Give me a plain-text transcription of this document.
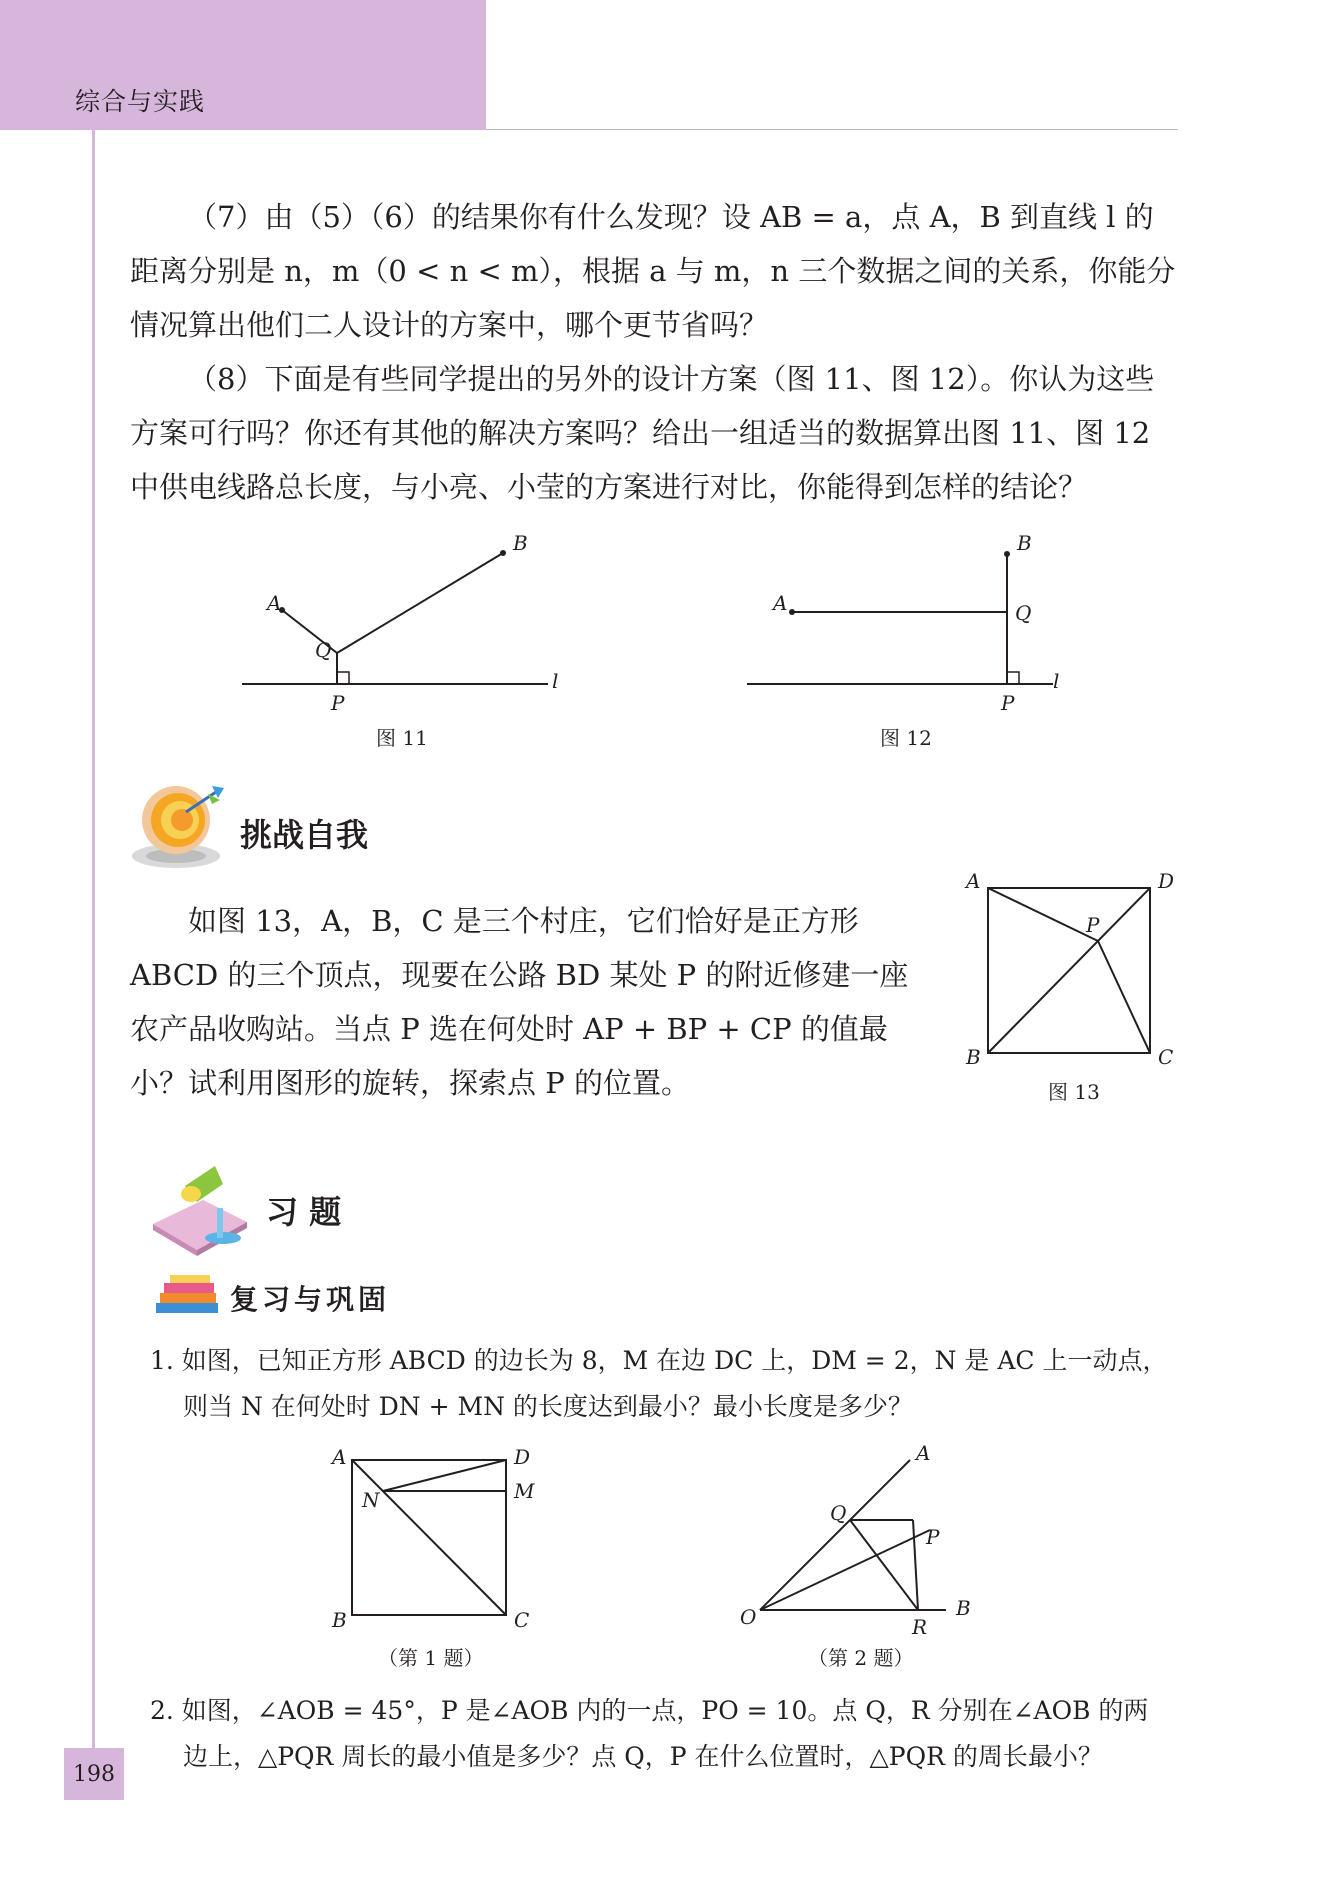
综合与实践

（7）由（5）（6）的结果你有什么发现？设 AB = a，点 A，B 到直线 l 的距离分别是 n，m（0 < n < m），根据 a 与 m，n 三个数据之间的关系，你能分情况算出他们二人设计的方案中，哪个更节省吗？

（8）下面是有些同学提出的另外的设计方案（图 11、图 12）。你认为这些方案可行吗？你还有其他的解决方案吗？给出一组适当的数据算出图 11、图 12 中供电线路总长度，与小亮、小莹的方案进行对比，你能得到怎样的结论？

A
B
Q
P
l
图 11
A
B
Q
P
l
图 12
挑战自我

如图 13，A，B，C 是三个村庄，它们恰好是正方形 ABCD 的三个顶点，现要在公路 BD 某处 P 的附近修建一座农产品收购站。当点 P 选在何处时 AP + BP + CP 的值最小？试利用图形的旋转，探索点 P 的位置。

A	D
P
B	C
图 13
习 题
复习与巩固

1. 如图，已知正方形 ABCD 的边长为 8，M 在边 DC 上，DM = 2，N 是 AC 上一动点，则当 N 在何处时 DN + MN 的长度达到最小？最小长度是多少？

A	D
M
N
B	C
（第 1 题）
A
Q
P
O	R
B
（第 2 题）

2. 如图，∠AOB = 45°，P 是∠AOB 内的一点，PO = 10。点 Q，R 分别在∠AOB 的两边上，△PQR 周长的最小值是多少？点 Q，P 在什么位置时，△PQR 的周长最小？

198
